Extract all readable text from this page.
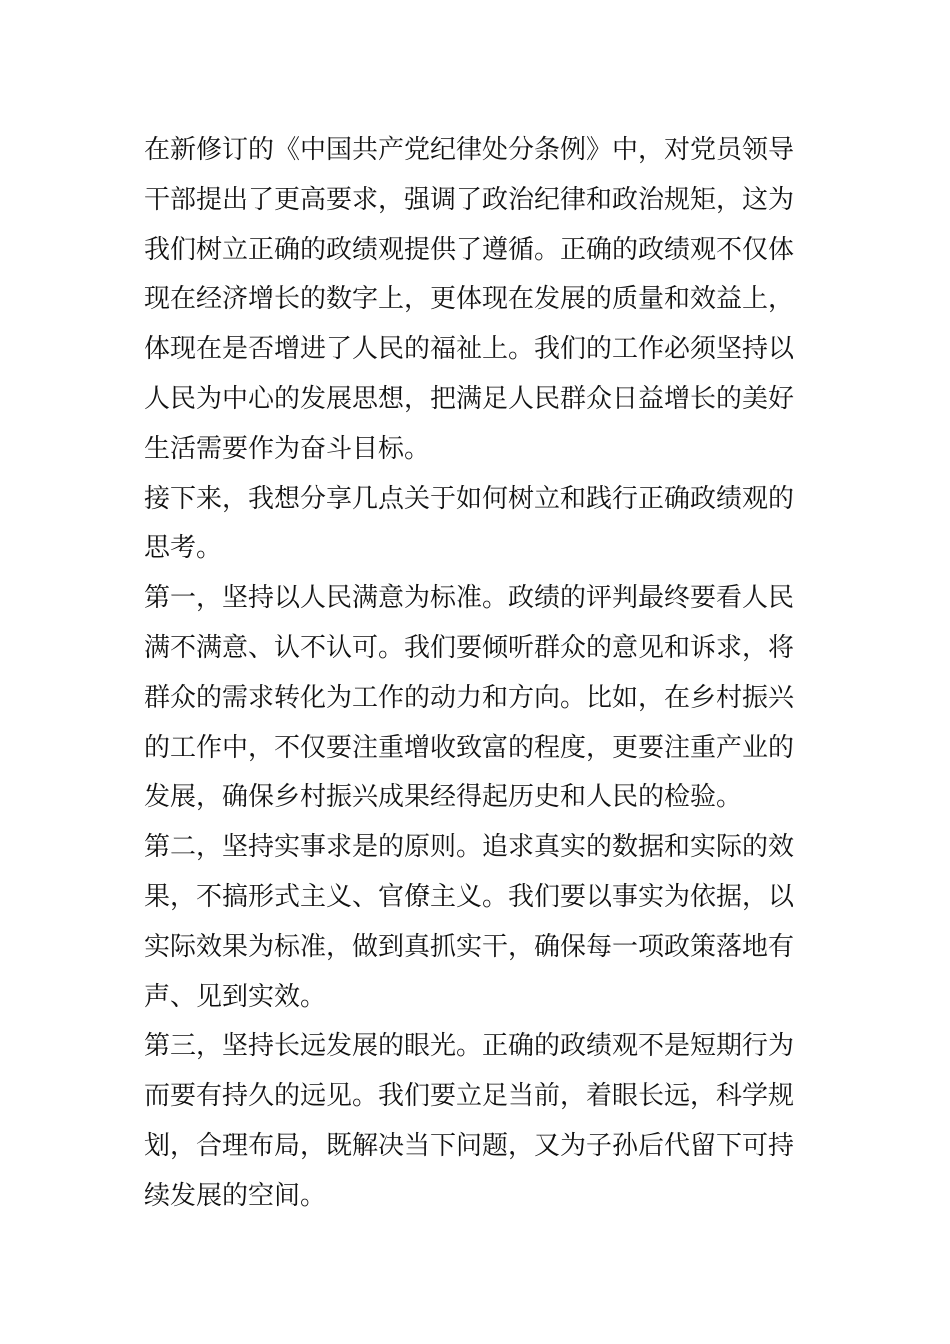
在新修订的《中国共产党纪律处分条例》中，对党员领导
干部提出了更高要求，强调了政治纪律和政治规矩，这为
我们树立正确的政绩观提供了遵循。正确的政绩观不仅体
现在经济增长的数字上，更体现在发展的质量和效益上，
体现在是否增进了人民的福祉上。我们的工作必须坚持以
人民为中心的发展思想，把满足人民群众日益增长的美好
生活需要作为奋斗目标。
接下来，我想分享几点关于如何树立和践行正确政绩观的
思考。
第一，坚持以人民满意为标准。政绩的评判最终要看人民
满不满意、认不认可。我们要倾听群众的意见和诉求，将
群众的需求转化为工作的动力和方向。比如，在乡村振兴
的工作中，不仅要注重增收致富的程度，更要注重产业的
发展，确保乡村振兴成果经得起历史和人民的检验。
第二，坚持实事求是的原则。追求真实的数据和实际的效
果，不搞形式主义、官僚主义。我们要以事实为依据，以
实际效果为标准，做到真抓实干，确保每一项政策落地有
声、见到实效。
第三，坚持长远发展的眼光。正确的政绩观不是短期行为
而要有持久的远见。我们要立足当前，着眼长远，科学规
划，合理布局，既解决当下问题，又为子孙后代留下可持
续发展的空间。
